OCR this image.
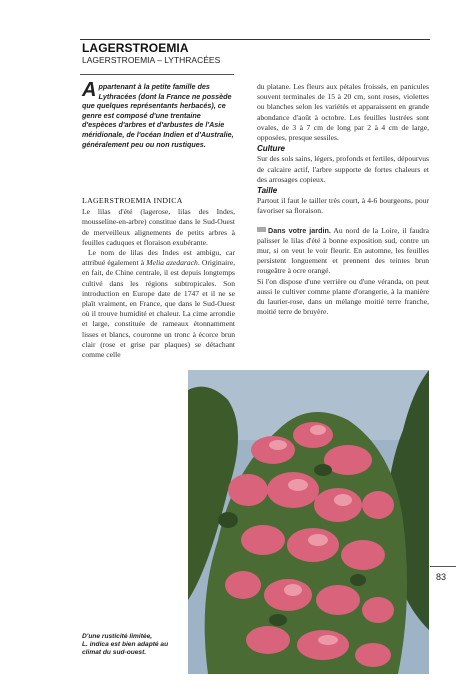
LAGERSTROEMIA
LAGERSTROEMIA – LYTHRACÉES
Appartenant à la petite famille des Lythracées (dont la France ne possède que quelques représentants herbacés), ce genre est composé d'une trentaine d'espèces d'arbres et d'arbustes de l'Asie méridionale, de l'océan Indien et d'Australie, généralement peu ou non rustiques.
LAGERSTROEMIA INDICA

Le lilas d'été (lagerose, lilas des Indes, mousseline-en-arbre) constitue dans le Sud-Ouest de merveilleux alignements de petits arbres à feuilles caduques et floraison exubérante.

Le nom de lilas des Indes est ambigu, car attribué également à Melia azedarach. Originaire, en fait, de Chine centrale, il est depuis longtemps cultivé dans les régions subtropicales. Son introduction en Europe date de 1747 et il ne se plaît vraiment, en France, que dans le Sud-Ouest où il trouve humidité et chaleur. La cime arrondie et large, constituée de rameaux étonnamment lisses et blancs, couronne un tronc à écorce brun clair (rose et grise par plaques) se détachant comme celle

du platane. Les fleurs aux pétales froissés, en panicules souvent terminales de 15 à 20 cm, sont roses, violettes ou blanches selon les variétés et apparaissent en grande abondance d'août à octobre. Les feuilles lustrées sont ovales, de 3 à 7 cm de long par 2 à 4 cm de large, opposées, presque sessiles.

Culture

Sur des sols sains, légers, profonds et fertiles, dépourvus de calcaire actif, l'arbre supporte de fortes chaleurs et des arrosages copieux.

Taille

Partout il faut le tailler très court, à 4-6 bourgeons, pour favoriser sa floraison.

Dans votre jardin. Au nord de la Loire, il faudra palisser le lilas d'été à bonne exposition sud, contre un mur, si on veut le voir fleurir. En automne, les feuilles persistent longuement et prennent des teintes brun rougeâtre à ocre orangé.

Si l'on dispose d'une verrière ou d'une véranda, on peut aussi le cultiver comme plante d'orangerie, à la manière du laurier-rose, dans un mélange moitié terre franche, moitié terre de bruyère.

D'une rusticité limitée,
L. indica est bien adapté au climat du sud-ouest.
83
